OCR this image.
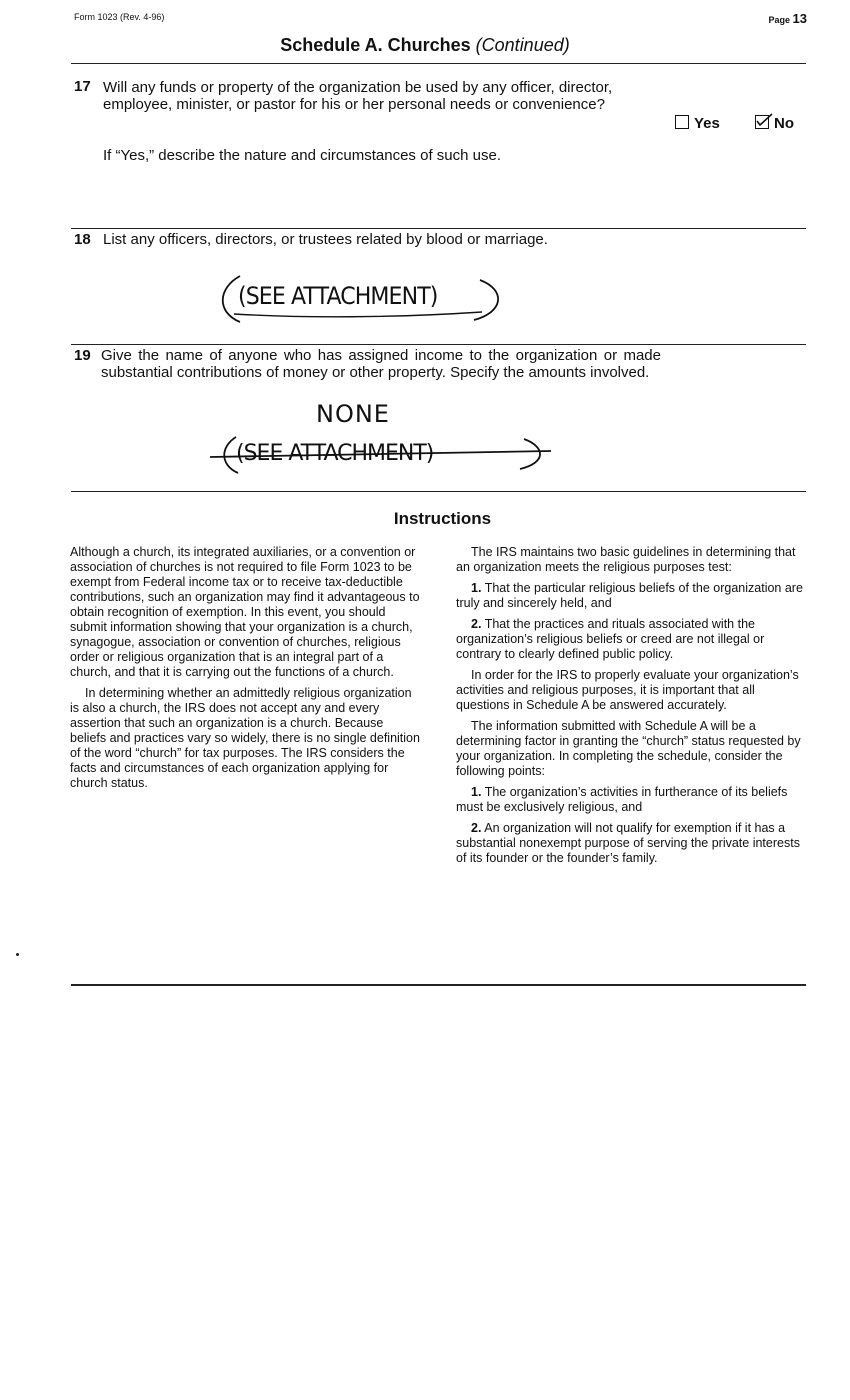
Form 1023 (Rev. 4-96)	Page 13
Schedule A. Churches (Continued)
17 Will any funds or property of the organization be used by any officer, director, employee, minister, or pastor for his or her personal needs or convenience?
Yes	No
If “Yes,” describe the nature and circumstances of such use.
18 List any officers, directors, or trustees related by blood or marriage.
(SEE ATTACHMENT)
19 Give the name of anyone who has assigned income to the organization or made substantial contributions of money or other property. Specify the amounts involved.
NONE
(SEE ATTACHMENT)
Instructions

Although a church, its integrated auxiliaries, or a convention or association of churches is not required to file Form 1023 to be exempt from Federal income tax or to receive tax-deductible contributions, such an organization may find it advantageous to obtain recognition of exemption. In this event, you should submit information showing that your organization is a church, synagogue, association or convention of churches, religious order or religious organization that is an integral part of a church, and that it is carrying out the functions of a church.

In determining whether an admittedly religious organization is also a church, the IRS does not accept any and every assertion that such an organization is a church. Because beliefs and practices vary so widely, there is no single definition of the word “church” for tax purposes. The IRS considers the facts and circumstances of each organization applying for church status.

The IRS maintains two basic guidelines in determining that an organization meets the religious purposes test:

1. That the particular religious beliefs of the organization are truly and sincerely held, and

2. That the practices and rituals associated with the organization’s religious beliefs or creed are not illegal or contrary to clearly defined public policy.

In order for the IRS to properly evaluate your organization’s activities and religious purposes, it is important that all questions in Schedule A be answered accurately.

The information submitted with Schedule A will be a determining factor in granting the “church” status requested by your organization. In completing the schedule, consider the following points:

1. The organization’s activities in furtherance of its beliefs must be exclusively religious, and

2. An organization will not qualify for exemption if it has a substantial nonexempt purpose of serving the private interests of its founder or the founder’s family.
